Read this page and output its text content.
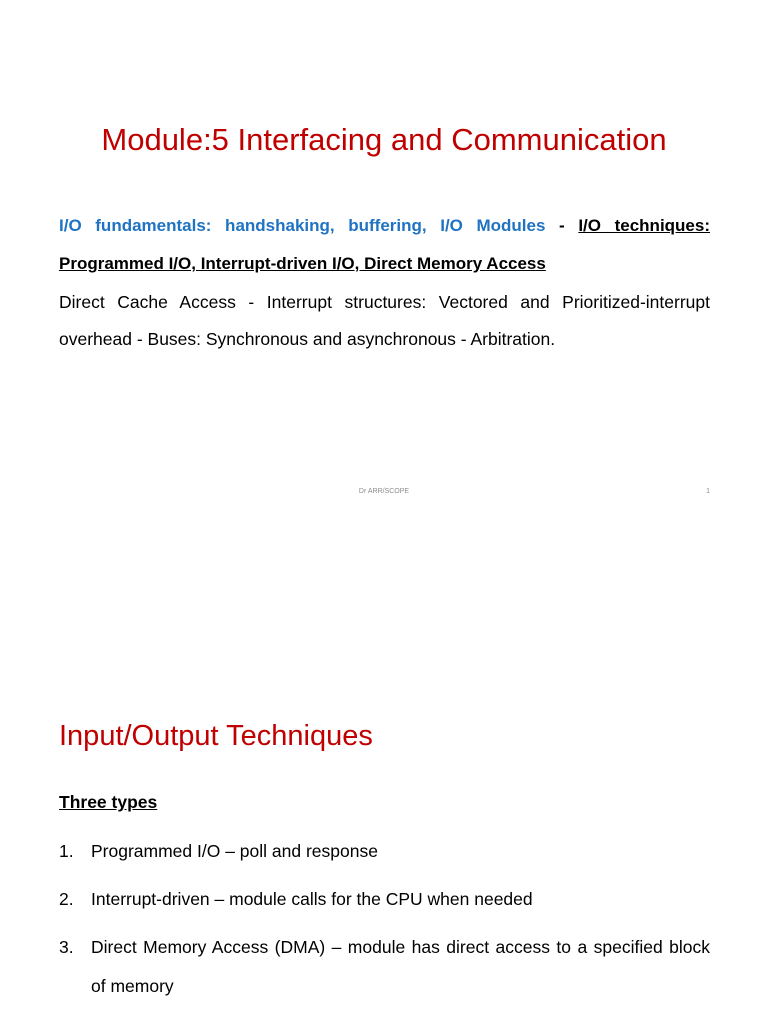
Module:5 Interfacing and Communication
I/O fundamentals: handshaking, buffering, I/O Modules - I/O techniques: Programmed I/O, Interrupt-driven I/O, Direct Memory Access
Direct Cache Access - Interrupt structures: Vectored and Prioritized-interrupt overhead - Buses: Synchronous and asynchronous - Arbitration.
Dr ARR/SCOPE	1
Input/Output Techniques
Three types
1. Programmed I/O – poll and response
2. Interrupt-driven – module calls for the CPU when needed
3. Direct Memory Access (DMA) – module has direct access to a specified block of memory
